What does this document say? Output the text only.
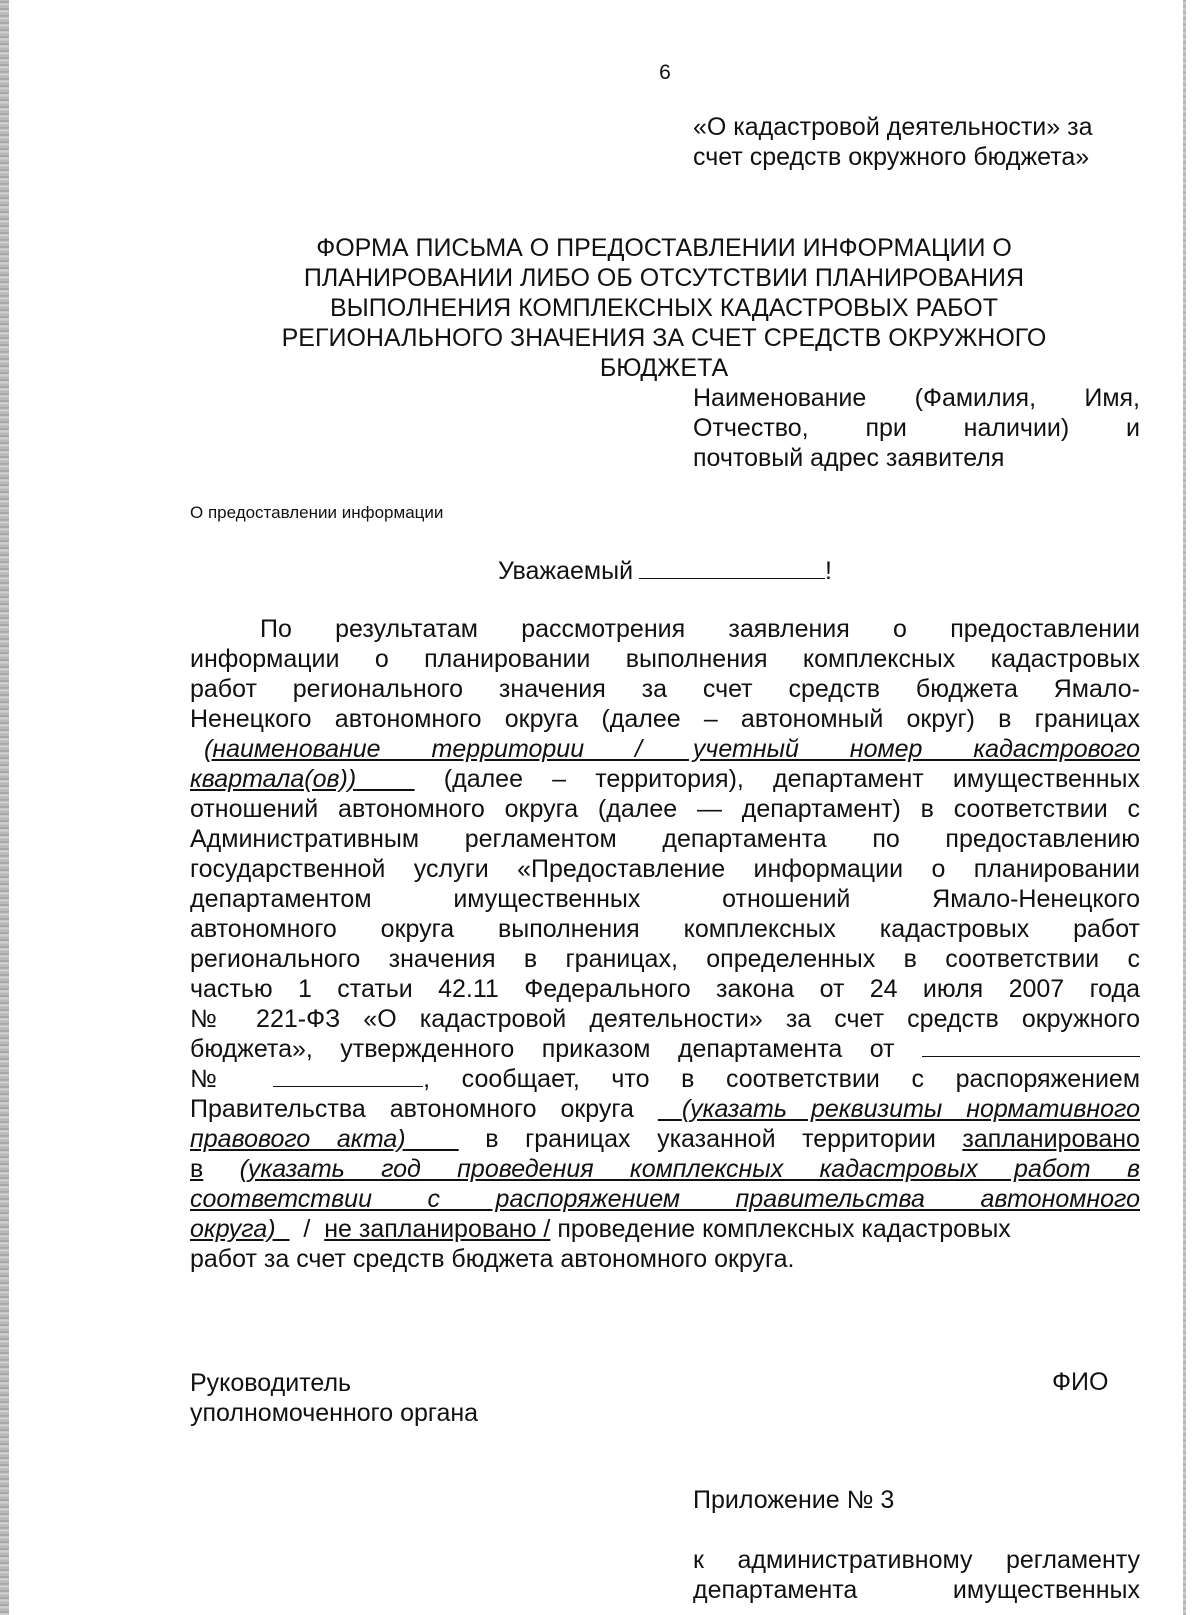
6
«О кадастровой деятельности» за
счет средств окружного бюджета»
ФОРМА ПИСЬМА О ПРЕДОСТАВЛЕНИИ ИНФОРМАЦИИ О
ПЛАНИРОВАНИИ ЛИБО ОБ ОТСУТСТВИИ ПЛАНИРОВАНИЯ
ВЫПОЛНЕНИЯ КОМПЛЕКСНЫХ КАДАСТРОВЫХ РАБОТ
РЕГИОНАЛЬНОГО ЗНАЧЕНИЯ ЗА СЧЕТ СРЕДСТВ ОКРУЖНОГО
БЮДЖЕТА
Наименование (Фамилия, Имя,
Отчество, при наличии) и
почтовый адрес заявителя
О предоставлении информации
Уважаемый	!
По результатам рассмотрения заявления о предоставлении
информации о планировании выполнения комплексных кадастровых
работ регионального значения за счет средств бюджета Ямало-
Ненецкого автономного округа (далее – автономный округ) в границах
(наименование территории / учетный номер кадастрового
квартала(ов))	(далее – территория), департамент имущественных
отношений автономного округа (далее — департамент) в соответствии с
Административным регламентом департамента по предоставлению
государственной услуги «Предоставление информации о планировании
департаментом имущественных отношений Ямало-Ненецкого
автономного округа выполнения комплексных кадастровых работ
регионального значения в границах, определенных в соответствии с
частью 1 статьи 42.11 Федерального закона от 24 июля 2007 года
№ 221-ФЗ «О кадастровой деятельности» за счет средств окружного
бюджета», утвержденного приказом департамента от
№	, сообщает, что в соответствии с распоряжением
Правительства автономного округа (указать реквизиты нормативного
правового акта)	в границах указанной территории запланировано
в (указать год проведения комплексных кадастровых работ в
соответствии с распоряжением правительства автономного
округа) / не запланировано / проведение комплексных кадастровых
работ за счет средств бюджета автономного округа.
Руководитель
уполномоченного органа
ФИО
Приложение № 3
к административному регламенту
департамента имущественных
